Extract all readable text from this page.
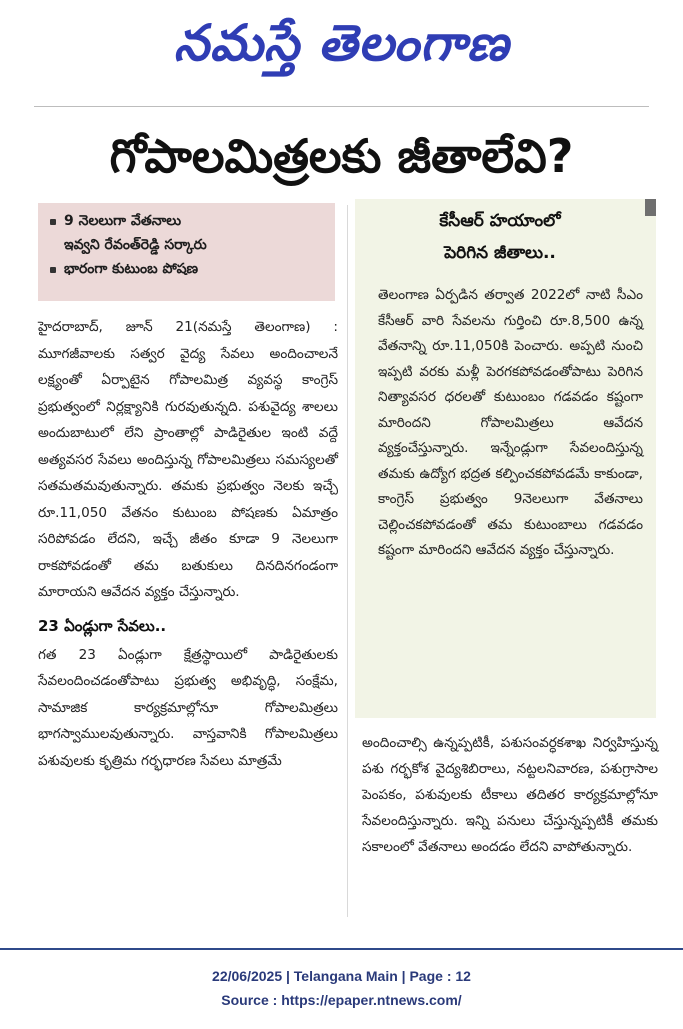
నమస్తే తెలంగాణ
గోపాలమిత్రలకు జీతాలేవి?
9 నెలలుగా వేతనాలు
ఇవ్వని రేవంత్‌రెడ్డి సర్కారు
భారంగా కుటుంబ పోషణ

హైదరాబాద్, జూన్ 21(నమస్తే తెలంగాణ) : మూగజీవాలకు సత్వర వైద్య సేవలు అందించాలనే లక్ష్యంతో ఏర్పాటైన గోపాలమిత్ర వ్యవస్థ కాంగ్రెస్ ప్రభుత్వంలో నిర్లక్ష్యానికి గురవుతున్నది. పశువైద్య శాలలు అందుబాటులో లేని ప్రాంతాల్లో పాడిరైతుల ఇంటి వద్దే అత్యవసర సేవలు అందిస్తున్న గోపాలమిత్రలు సమస్యలతో సతమతమవుతున్నారు. తమకు ప్రభుత్వం నెలకు ఇచ్చే రూ.11,050 వేతనం కుటుంబ పోషణకు ఏమాత్రం సరిపోవడం లేదని, ఇచ్చే జీతం కూడా 9 నెలలుగా రాకపోవడంతో తమ బతుకులు దినదినగండంగా మారాయని ఆవేదన వ్యక్తం చేస్తున్నారు.

23 ఏండ్లుగా సేవలు..

గత 23 ఏండ్లుగా క్షేత్రస్థాయిలో పాడిరైతులకు సేవలందించడంతోపాటు ప్రభుత్వ అభివృద్ధి, సంక్షేమ, సామాజిక కార్యక్రమాల్లోనూ గోపాలమిత్రలు భాగస్వాములవుతున్నారు. వాస్తవానికి గోపాలమిత్రలు పశువులకు కృత్రిమ గర్భధారణ సేవలు మాత్రమే

కేసీఆర్ హయాంలో
పెరిగిన జీతాలు..
తెలంగాణ ఏర్పడిన తర్వాత 2022లో నాటి సీఎం కేసీఆర్ వారి సేవలను గుర్తించి రూ.8,500 ఉన్న వేతనాన్ని రూ.11,050కి పెంచారు. అప్పటి నుంచి ఇప్పటి వరకు మళ్లీ పెరగకపోవడంతోపాటు పెరిగిన నిత్యావసర ధరలతో కుటుంబం గడవడం కష్టంగా మారిందని గోపాలమిత్రలు ఆవేదన వ్యక్తంచేస్తున్నారు. ఇన్నేండ్లుగా సేవలందిస్తున్న తమకు ఉద్యోగ భద్రత కల్పించకపోవడమే కాకుండా, కాంగ్రెస్ ప్రభుత్వం 9నెలలుగా వేతనాలు చెల్లించకపోవడంతో తమ కుటుంబాలు గడవడం కష్టంగా మారిందని ఆవేదన వ్యక్తం చేస్తున్నారు.
అందించాల్సి ఉన్నప్పటికీ, పశుసంవర్ధకశాఖ నిర్వహిస్తున్న పశు గర్భకోశ వైద్యశిబిరాలు, నట్టలనివారణ, పశుగ్రాసాల పెంపకం, పశువులకు టీకాలు తదితర కార్యక్రమాల్లోనూ సేవలందిస్తున్నారు. ఇన్ని పనులు చేస్తున్నప్పటికీ తమకు సకాలంలో వేతనాలు అందడం లేదని వాపోతున్నారు.
22/06/2025 | Telangana Main | Page : 12
Source : https://epaper.ntnews.com/
